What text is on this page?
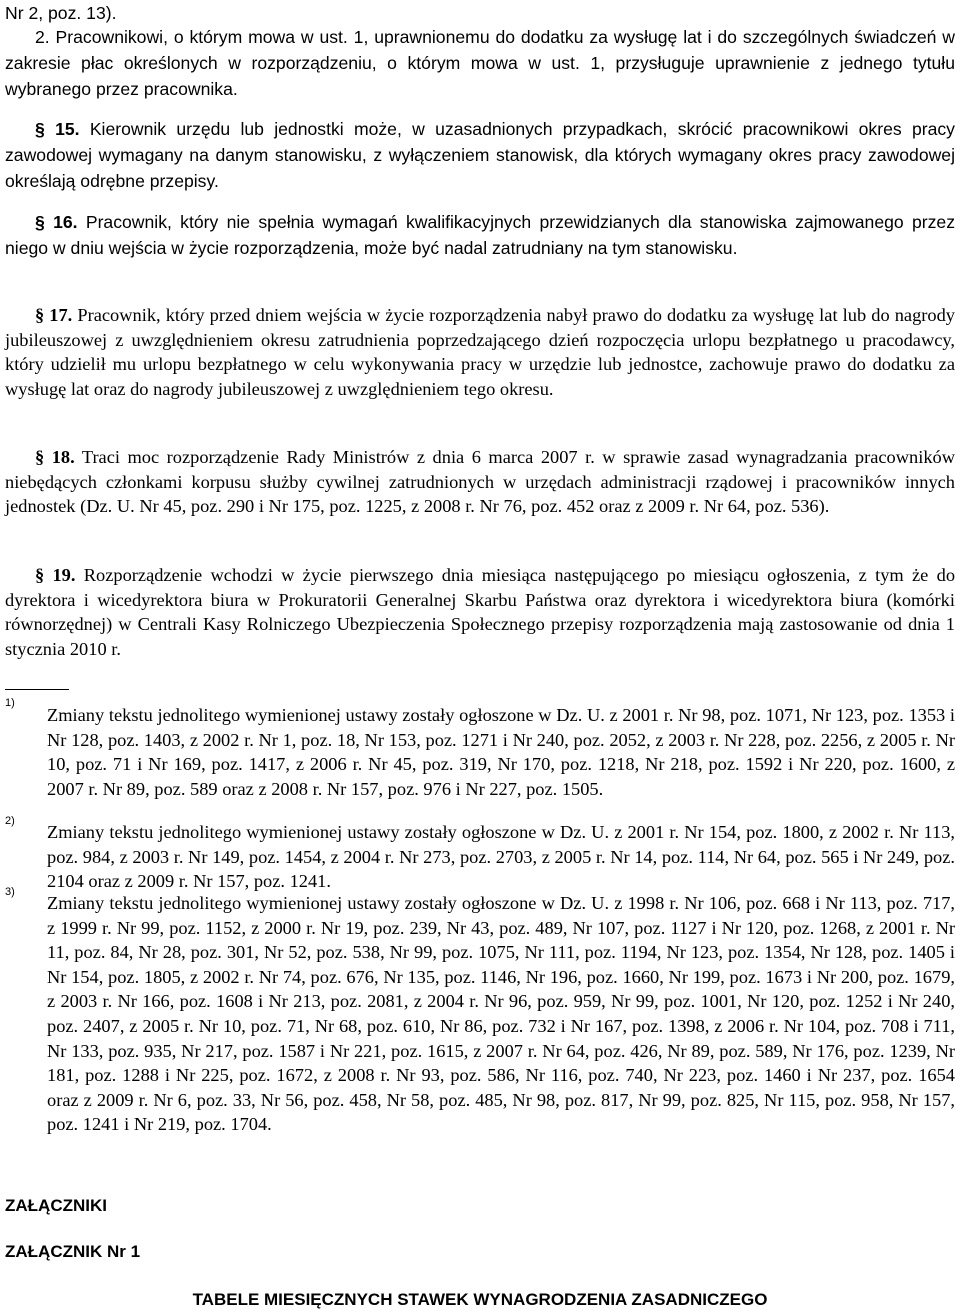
Nr 2, poz. 13).

2. Pracownikowi, o którym mowa w ust. 1, uprawnionemu do dodatku za wysługę lat i do szczególnych świadczeń w zakresie płac określonych w rozporządzeniu, o którym mowa w ust. 1, przysługuje uprawnienie z jednego tytułu wybranego przez pracownika.

§ 15. Kierownik urzędu lub jednostki może, w uzasadnionych przypadkach, skrócić pracownikowi okres pracy zawodowej wymagany na danym stanowisku, z wyłączeniem stanowisk, dla których wymagany okres pracy zawodowej określają odrębne przepisy.

§ 16. Pracownik, który nie spełnia wymagań kwalifikacyjnych przewidzianych dla stanowiska zajmowanego przez niego w dniu wejścia w życie rozporządzenia, może być nadal zatrudniany na tym stanowisku.

§ 17. Pracownik, który przed dniem wejścia w życie rozporządzenia nabył prawo do dodatku za wysługę lat lub do nagrody jubileuszowej z uwzględnieniem okresu zatrudnienia poprzedzającego dzień rozpoczęcia urlopu bezpłatnego u pracodawcy, który udzielił mu urlopu bezpłatnego w celu wykonywania pracy w urzędzie lub jednostce, zachowuje prawo do dodatku za wysługę lat oraz do nagrody jubileuszowej z uwzględnieniem tego okresu.

§ 18. Traci moc rozporządzenie Rady Ministrów z dnia 6 marca 2007 r. w sprawie zasad wynagradzania pracowników niebędących członkami korpusu służby cywilnej zatrudnionych w urzędach administracji rządowej i pracowników innych jednostek (Dz. U. Nr 45, poz. 290 i Nr 175, poz. 1225, z 2008 r. Nr 76, poz. 452 oraz z 2009 r. Nr 64, poz. 536).

§ 19. Rozporządzenie wchodzi w życie pierwszego dnia miesiąca następującego po miesiącu ogłoszenia, z tym że do dyrektora i wicedyrektora biura w Prokuratorii Generalnej Skarbu Państwa oraz dyrektora i wicedyrektora biura (komórki równorzędnej) w Centrali Kasy Rolniczego Ubezpieczenia Społecznego przepisy rozporządzenia mają zastosowanie od dnia 1 stycznia 2010 r.

1)

Zmiany tekstu jednolitego wymienionej ustawy zostały ogłoszone w Dz. U. z 2001 r. Nr 98, poz. 1071, Nr 123, poz. 1353 i Nr 128, poz. 1403, z 2002 r. Nr 1, poz. 18, Nr 153, poz. 1271 i Nr 240, poz. 2052, z 2003 r. Nr 228, poz. 2256, z 2005 r. Nr 10, poz. 71 i Nr 169, poz. 1417, z 2006 r. Nr 45, poz. 319, Nr 170, poz. 1218, Nr 218, poz. 1592 i Nr 220, poz. 1600, z 2007 r. Nr 89, poz. 589 oraz z 2008 r. Nr 157, poz. 976 i Nr 227, poz. 1505.

2)

Zmiany tekstu jednolitego wymienionej ustawy zostały ogłoszone w Dz. U. z 2001 r. Nr 154, poz. 1800, z 2002 r. Nr 113, poz. 984, z 2003 r. Nr 149, poz. 1454, z 2004 r. Nr 273, poz. 2703, z 2005 r. Nr 14, poz. 114, Nr 64, poz. 565 i Nr 249, poz. 2104 oraz z 2009 r. Nr 157, poz. 1241.

3)

Zmiany tekstu jednolitego wymienionej ustawy zostały ogłoszone w Dz. U. z 1998 r. Nr 106, poz. 668 i Nr 113, poz. 717, z 1999 r. Nr 99, poz. 1152, z 2000 r. Nr 19, poz. 239, Nr 43, poz. 489, Nr 107, poz. 1127 i Nr 120, poz. 1268, z 2001 r. Nr 11, poz. 84, Nr 28, poz. 301, Nr 52, poz. 538, Nr 99, poz. 1075, Nr 111, poz. 1194, Nr 123, poz. 1354, Nr 128, poz. 1405 i Nr 154, poz. 1805, z 2002 r. Nr 74, poz. 676, Nr 135, poz. 1146, Nr 196, poz. 1660, Nr 199, poz. 1673 i Nr 200, poz. 1679, z 2003 r. Nr 166, poz. 1608 i Nr 213, poz. 2081, z 2004 r. Nr 96, poz. 959, Nr 99, poz. 1001, Nr 120, poz. 1252 i Nr 240, poz. 2407, z 2005 r. Nr 10, poz. 71, Nr 68, poz. 610, Nr 86, poz. 732 i Nr 167, poz. 1398, z 2006 r. Nr 104, poz. 708 i 711, Nr 133, poz. 935, Nr 217, poz. 1587 i Nr 221, poz. 1615, z 2007 r. Nr 64, poz. 426, Nr 89, poz. 589, Nr 176, poz. 1239, Nr 181, poz. 1288 i Nr 225, poz. 1672, z 2008 r. Nr 93, poz. 586, Nr 116, poz. 740, Nr 223, poz. 1460 i Nr 237, poz. 1654 oraz z 2009 r. Nr 6, poz. 33, Nr 56, poz. 458, Nr 58, poz. 485, Nr 98, poz. 817, Nr 99, poz. 825, Nr 115, poz. 958, Nr 157, poz. 1241 i Nr 219, poz. 1704.

ZAŁĄCZNIKI

ZAŁĄCZNIK Nr 1

TABELE MIESIĘCZNYCH STAWEK WYNAGRODZENIA ZASADNICZEGO
